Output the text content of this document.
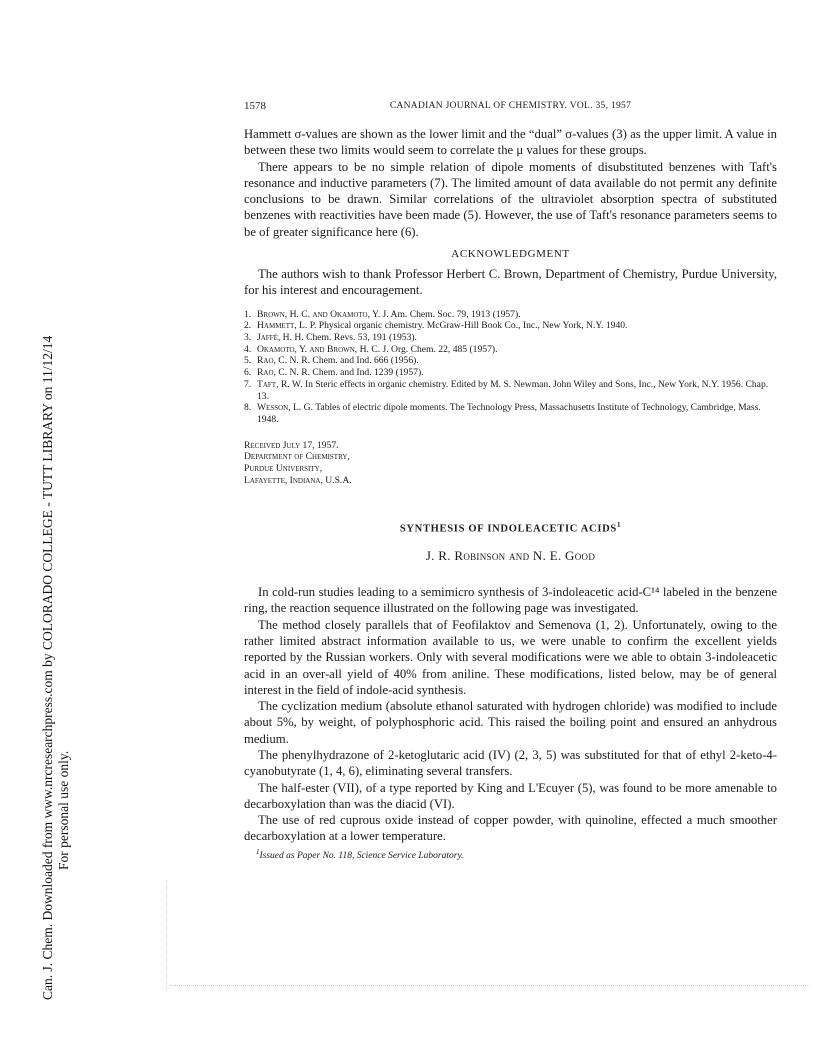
Can. J. Chem. Downloaded from www.nrcresearchpress.com by COLORADO COLLEGE - TUTT LIBRARY on 11/12/14 For personal use only.
1578	CANADIAN JOURNAL OF CHEMISTRY. VOL. 35, 1957

Hammett σ-values are shown as the lower limit and the “dual” σ-values (3) as the upper limit. A value in between these two limits would seem to correlate the μ values for these groups.

There appears to be no simple relation of dipole moments of disubstituted benzenes with Taft's resonance and inductive parameters (7). The limited amount of data available do not permit any definite conclusions to be drawn. Similar correlations of the ultraviolet absorption spectra of substituted benzenes with reactivities have been made (5). However, the use of Taft's resonance parameters seems to be of greater significance here (6).

ACKNOWLEDGMENT

The authors wish to thank Professor Herbert C. Brown, Department of Chemistry, Purdue University, for his interest and encouragement.

1. Brown, H. C. and Okamoto, Y. J. Am. Chem. Soc. 79, 1913 (1957).
2. Hammett, L. P. Physical organic chemistry. McGraw-Hill Book Co., Inc., New York, N.Y. 1940.
3. Jaffé, H. H. Chem. Revs. 53, 191 (1953).
4. Okamoto, Y. and Brown, H. C. J. Org. Chem. 22, 485 (1957).
5. Rao, C. N. R. Chem. and Ind. 666 (1956).
6. Rao, C. N. R. Chem. and Ind. 1239 (1957).
7. Taft, R. W. In Steric effects in organic chemistry. Edited by M. S. Newman. John Wiley and Sons, Inc., New York, N.Y. 1956. Chap. 13.
8. Wesson, L. G. Tables of electric dipole moments. The Technology Press, Massachusetts Institute of Technology, Cambridge, Mass. 1948.
Received July 17, 1957.
Department of Chemistry,
Purdue University,
Lafayette, Indiana, U.S.A.
SYNTHESIS OF INDOLEACETIC ACIDS$^1$
J. R. Robinson and N. E. Good

In cold-run studies leading to a semimicro synthesis of 3-indoleacetic acid-C¹⁴ labeled in the benzene ring, the reaction sequence illustrated on the following page was investigated.

The method closely parallels that of Feofilaktov and Semenova (1, 2). Unfortunately, owing to the rather limited abstract information available to us, we were unable to confirm the excellent yields reported by the Russian workers. Only with several modifications were we able to obtain 3-indoleacetic acid in an over-all yield of 40% from aniline. These modifications, listed below, may be of general interest in the field of indole-acid synthesis.

The cyclization medium (absolute ethanol saturated with hydrogen chloride) was modified to include about 5%, by weight, of polyphosphoric acid. This raised the boiling point and ensured an anhydrous medium.

The phenylhydrazone of 2-ketoglutaric acid (IV) (2, 3, 5) was substituted for that of ethyl 2-keto-4-cyanobutyrate (1, 4, 6), eliminating several transfers.

The half-ester (VII), of a type reported by King and L'Ecuyer (5), was found to be more amenable to decarboxylation than was the diacid (VI).

The use of red cuprous oxide instead of copper powder, with quinoline, effected a much smoother decarboxylation at a lower temperature.

$^1$Issued as Paper No. 118, Science Service Laboratory.
